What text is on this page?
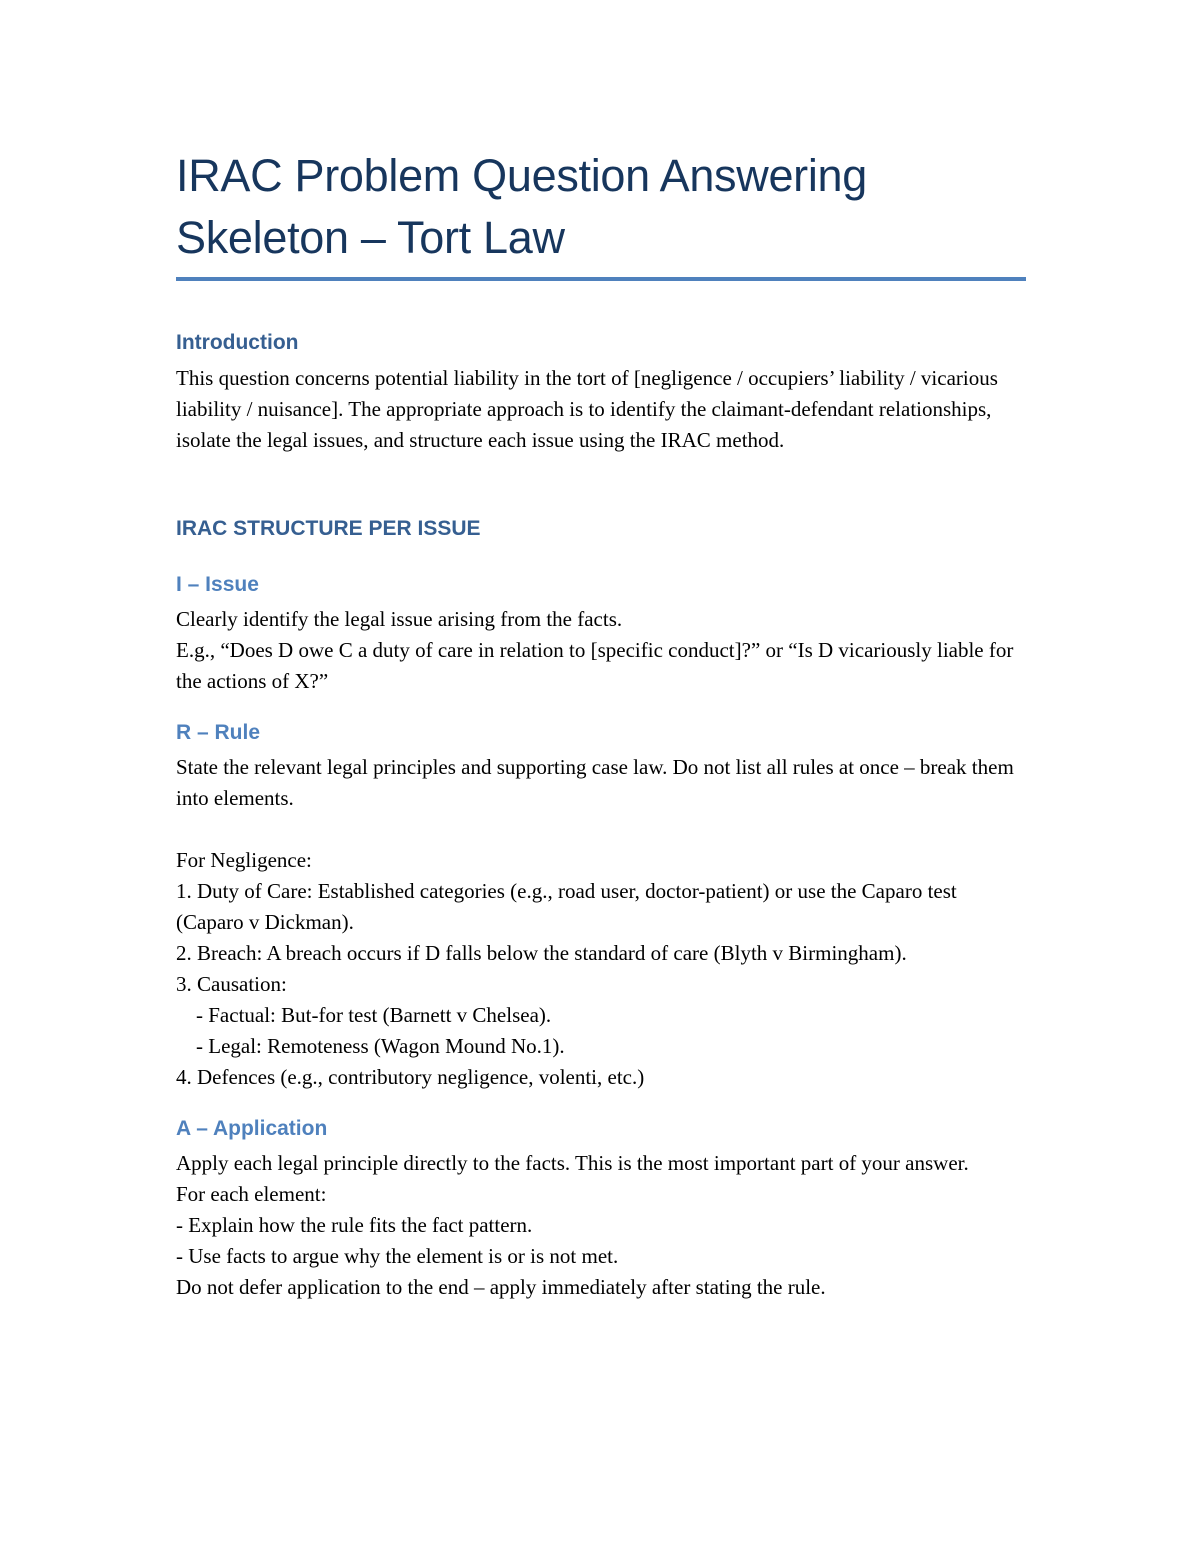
IRAC Problem Question Answering
Skeleton – Tort Law
Introduction

This question concerns potential liability in the tort of [negligence / occupiers’ liability / vicarious liability / nuisance]. The appropriate approach is to identify the claimant-defendant relationships, isolate the legal issues, and structure each issue using the IRAC method.

IRAC STRUCTURE PER ISSUE
I – Issue

Clearly identify the legal issue arising from the facts.

E.g., “Does D owe C a duty of care in relation to [specific conduct]?” or “Is D vicariously liable for the actions of X?”

R – Rule

State the relevant legal principles and supporting case law. Do not list all rules at once – break them into elements.

For Negligence:

1. Duty of Care: Established categories (e.g., road user, doctor-patient) or use the Caparo test (Caparo v Dickman).

2. Breach: A breach occurs if D falls below the standard of care (Blyth v Birmingham).

3. Causation:

- Factual: But-for test (Barnett v Chelsea).

- Legal: Remoteness (Wagon Mound No.1).

4. Defences (e.g., contributory negligence, volenti, etc.)

A – Application

Apply each legal principle directly to the facts. This is the most important part of your answer.

For each element:

- Explain how the rule fits the fact pattern.

- Use facts to argue why the element is or is not met.

Do not defer application to the end – apply immediately after stating the rule.
